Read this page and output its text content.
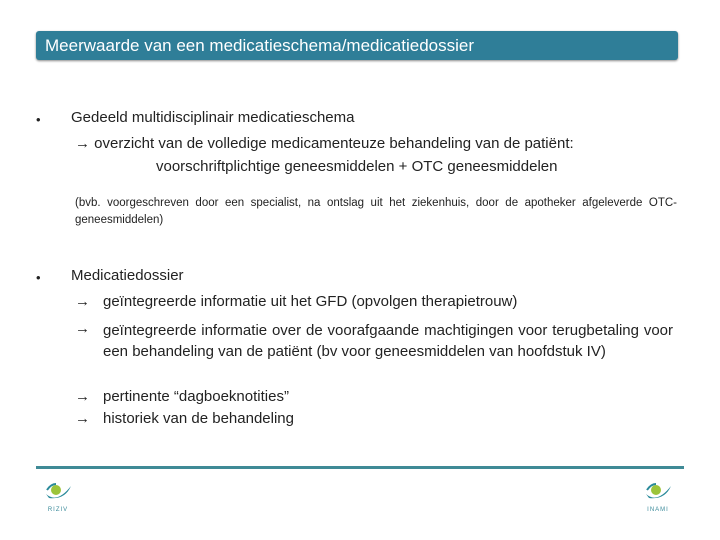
Meerwaarde van een medicatieschema/medicatiedossier
• Gedeeld multidisciplinair medicatieschema
→ overzicht van de volledige medicamenteuze behandeling van de patiënt:
voorschriftplichtige geneesmiddelen + OTC geneesmiddelen
(bvb. voorgeschreven door een specialist, na ontslag uit het ziekenhuis, door de apotheker afgeleverde OTC-geneesmiddelen)
• Medicatiedossier
→ geïntegreerde informatie uit het GFD (opvolgen therapietrouw)
→ geïntegreerde informatie over de voorafgaande machtigingen voor terugbetaling voor een behandeling van de patiënt (bv voor geneesmiddelen van hoofdstuk IV)
→ pertinente “dagboeknotities”
→ historiek van de behandeling
RIZIV	INAMI
